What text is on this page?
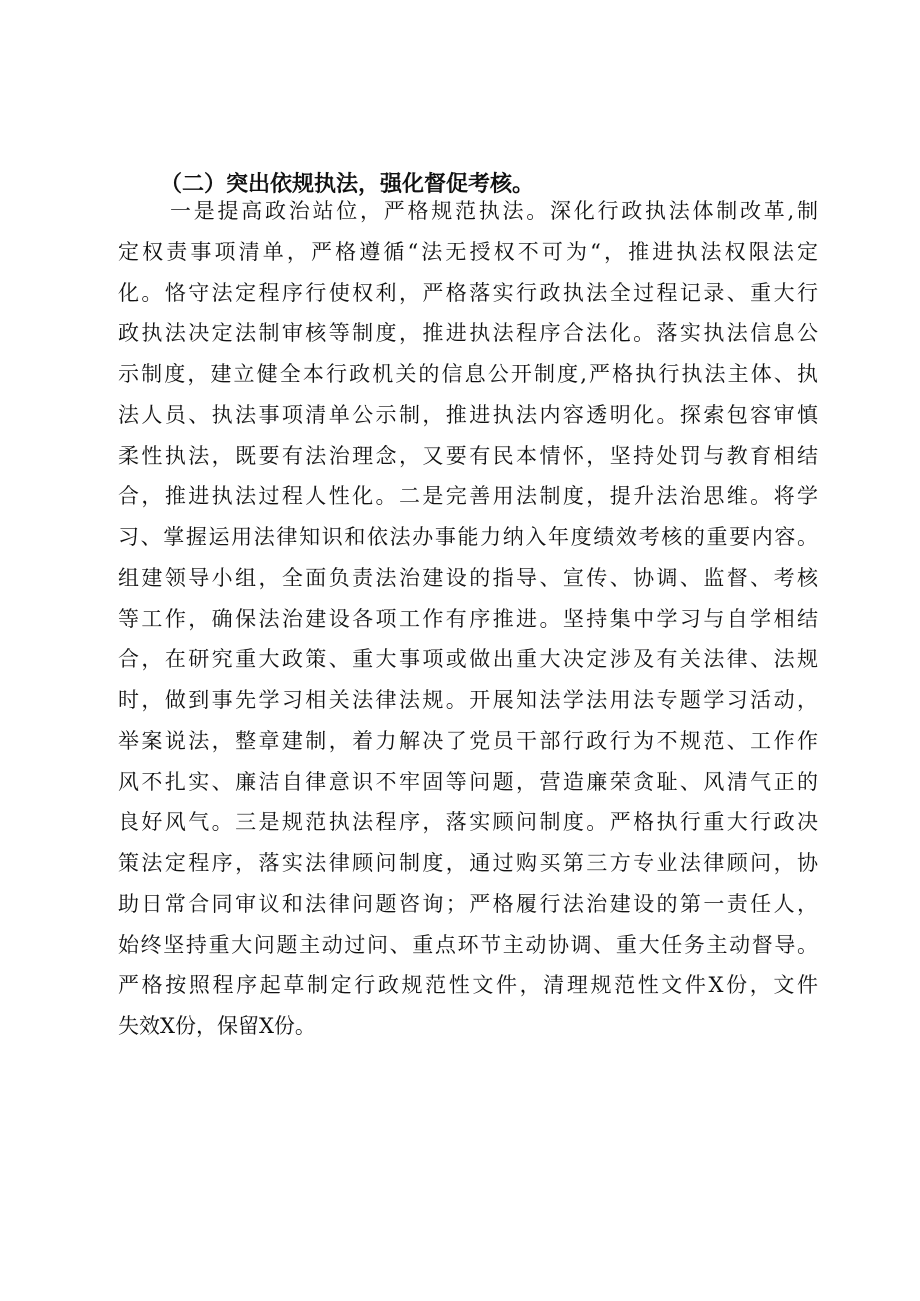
（二）突出依规执法，强化督促考核。
一是提高政治站位，严格规范执法。深化行政执法体制改革,制
定权责事项清单，严格遵循“法无授权不可为“，推进执法权限法定
化。恪守法定程序行使权利，严格落实行政执法全过程记录、重大行
政执法决定法制审核等制度，推进执法程序合法化。落实执法信息公
示制度，建立健全本行政机关的信息公开制度,严格执行执法主体、执
法人员、执法事项清单公示制，推进执法内容透明化。探索包容审慎
柔性执法，既要有法治理念，又要有民本情怀，坚持处罚与教育相结
合，推进执法过程人性化。二是完善用法制度，提升法治思维。将学
习、掌握运用法律知识和依法办事能力纳入年度绩效考核的重要内容。
组建领导小组，全面负责法治建设的指导、宣传、协调、监督、考核
等工作，确保法治建设各项工作有序推进。坚持集中学习与自学相结
合，在研究重大政策、重大事项或做出重大决定涉及有关法律、法规
时，做到事先学习相关法律法规。开展知法学法用法专题学习活动，
举案说法，整章建制，着力解决了党员干部行政行为不规范、工作作
风不扎实、廉洁自律意识不牢固等问题，营造廉荣贪耻、风清气正的
良好风气。三是规范执法程序，落实顾问制度。严格执行重大行政决
策法定程序，落实法律顾问制度，通过购买第三方专业法律顾问，协
助日常合同审议和法律问题咨询；严格履行法治建设的第一责任人，
始终坚持重大问题主动过问、重点环节主动协调、重大任务主动督导。
严格按照程序起草制定行政规范性文件，清理规范性文件X份，文件
失效X份，保留X份。
